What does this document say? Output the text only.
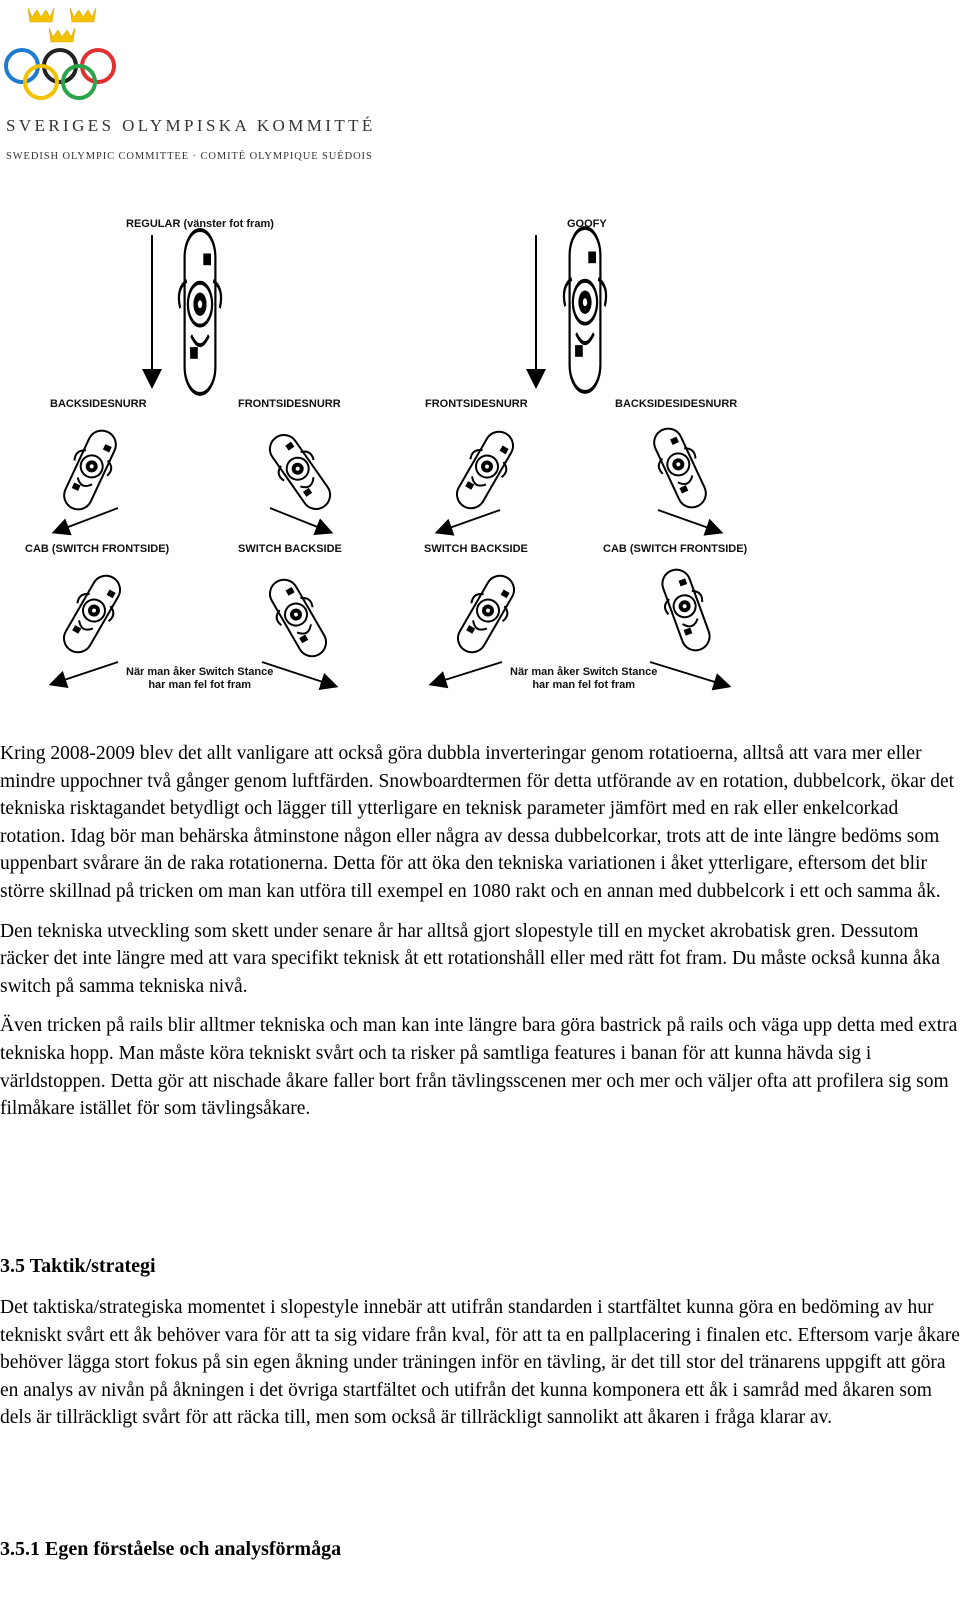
SVERIGES OLYMPISKA KOMMITTÉ
SWEDISH OLYMPIC COMMITTEE · COMITÉ OLYMPIQUE SUÉDOIS
REGULAR (vänster fot fram)	GOOFY
BACKSIDESNURR	FRONTSIDESNURR	FRONTSIDESNURR	BACKSIDESIDESNURR
CAB (SWITCH FRONTSIDE)	SWITCH BACKSIDE	SWITCH BACKSIDE	CAB (SWITCH FRONTSIDE)
När man åker Switch Stance
har man fel fot fram
När man åker Switch Stance
har man fel fot fram

Kring 2008-2009 blev det allt vanligare att också göra dubbla inverteringar genom rotatioerna, alltså att vara mer eller mindre uppochner två gånger genom luftfärden. Snowboardtermen för detta utförande av en rotation, dubbelcork, ökar det tekniska risktagandet betydligt och lägger till ytterligare en teknisk parameter jämfört med en rak eller enkelcorkad rotation. Idag bör man behärska åtminstone någon eller några av dessa dubbelcorkar, trots att de inte längre bedöms som uppenbart svårare än de raka rotationerna. Detta för att öka den tekniska variationen i åket ytterligare, eftersom det blir större skillnad på tricken om man kan utföra till exempel en 1080 rakt och en annan med dubbelcork i ett och samma åk.

Den tekniska utveckling som skett under senare år har alltså gjort slopestyle till en mycket akrobatisk gren. Dessutom räcker det inte längre med att vara specifikt teknisk åt ett rotationshåll eller med rätt fot fram. Du måste också kunna åka switch på samma tekniska nivå.

Även tricken på rails blir alltmer tekniska och man kan inte längre bara göra bastrick på rails och väga upp detta med extra tekniska hopp. Man måste köra tekniskt svårt och ta risker på samtliga features i banan för att kunna hävda sig i världstoppen. Detta gör att nischade åkare faller bort från tävlingsscenen mer och mer och väljer ofta att profilera sig som filmåkare istället för som tävlingsåkare.

3.5 Taktik/strategi

Det taktiska/strategiska momentet i slopestyle innebär att utifrån standarden i startfältet kunna göra en bedöming av hur tekniskt svårt ett åk behöver vara för att ta sig vidare från kval, för att ta en pallplacering i finalen etc. Eftersom varje åkare behöver lägga stort fokus på sin egen åkning under träningen inför en tävling, är det till stor del tränarens uppgift att göra en analys av nivån på åkningen i det övriga startfältet och utifrån det kunna komponera ett åk i samråd med åkaren som dels är tillräckligt svårt för att räcka till, men som också är tillräckligt sannolikt att åkaren i fråga klarar av.

3.5.1 Egen förståelse och analysförmåga
